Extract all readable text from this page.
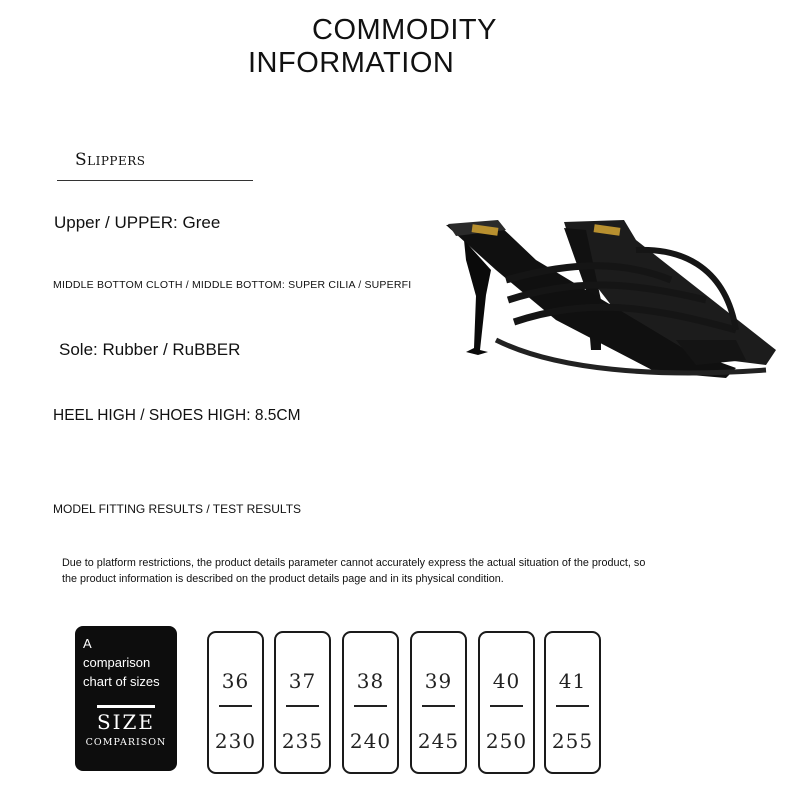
COMMODITY
INFORMATION
Slippers
Upper / UPPER: Gree
MIDDLE BOTTOM CLOTH / MIDDLE BOTTOM: SUPER CILIA / SUPERFI
Sole: Rubber / RuBBER
HEEL HIGH / SHOES HIGH: 8.5CM
MODEL FITTING RESULTS / TEST RESULTS
Due to platform restrictions, the product details parameter cannot accurately express the actual situation of the product, so
the product information is described on the product details page and in its physical condition.
A
comparison
chart of sizes
SIZE
COMPARISON
36
230
37
235
38
240
39
245
40
250
41
255
